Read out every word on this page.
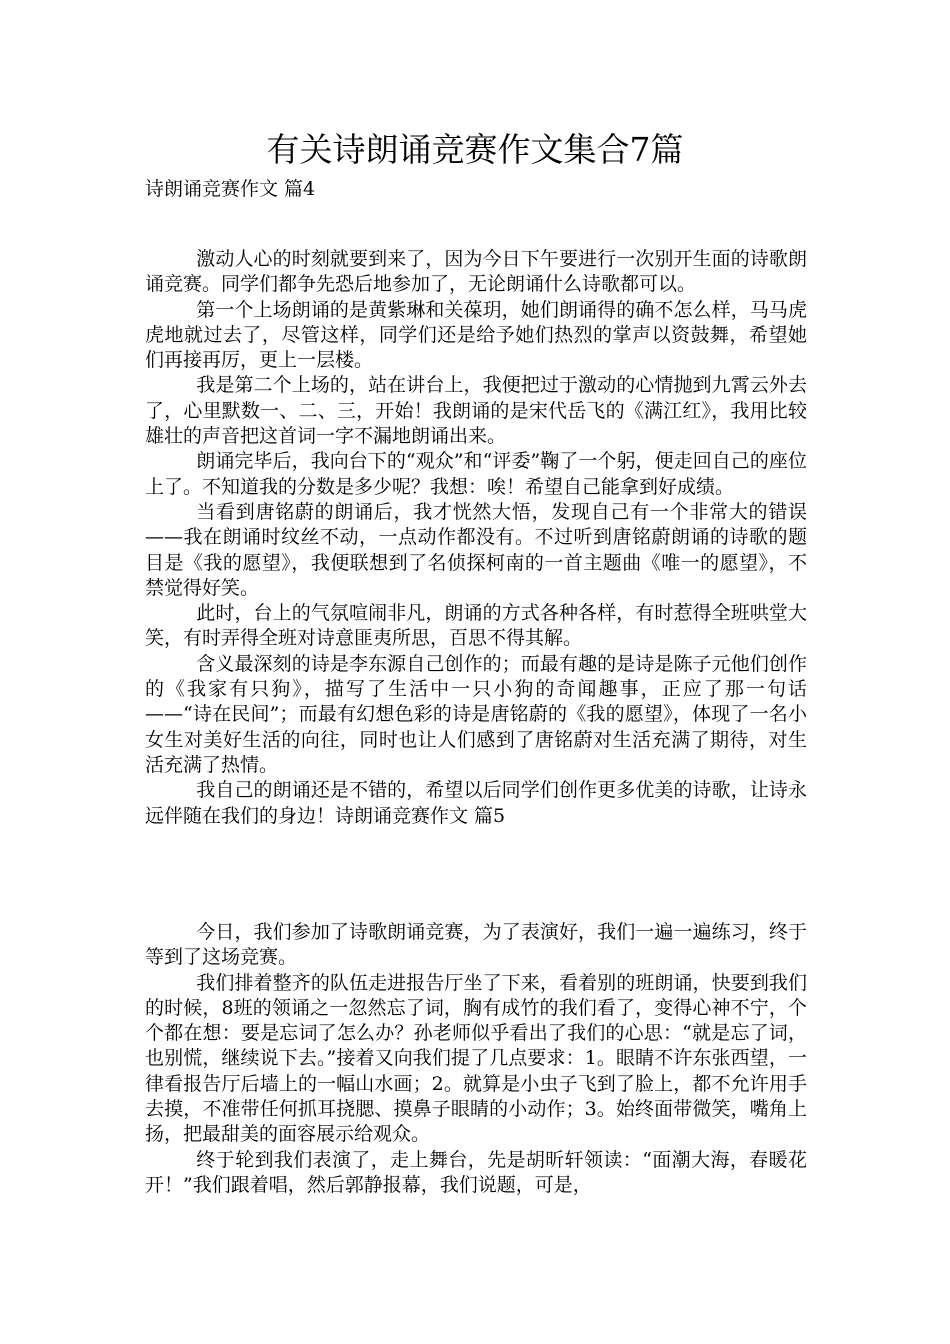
有关诗朗诵竞赛作文集合7篇
诗朗诵竞赛作文 篇4

激动人心的时刻就要到来了，因为今日下午要进行一次别开生面的诗歌朗诵竞赛。同学们都争先恐后地参加了，无论朗诵什么诗歌都可以。

第一个上场朗诵的是黄紫琳和关葆玥，她们朗诵得的确不怎么样，马马虎虎地就过去了，尽管这样，同学们还是给予她们热烈的掌声以资鼓舞，希望她们再接再厉，更上一层楼。

我是第二个上场的，站在讲台上，我便把过于激动的心情抛到九霄云外去了，心里默数一、二、三，开始！我朗诵的是宋代岳飞的《满江红》，我用比较雄壮的声音把这首词一字不漏地朗诵出来。

朗诵完毕后，我向台下的“观众”和“评委”鞠了一个躬，便走回自己的座位上了。不知道我的分数是多少呢？我想：唉！希望自己能拿到好成绩。

当看到唐铭蔚的朗诵后，我才恍然大悟，发现自己有一个非常大的错误——我在朗诵时纹丝不动，一点动作都没有。不过听到唐铭蔚朗诵的诗歌的题目是《我的愿望》，我便联想到了名侦探柯南的一首主题曲《唯一的愿望》，不禁觉得好笑。

此时，台上的气氛喧闹非凡，朗诵的方式各种各样，有时惹得全班哄堂大笑，有时弄得全班对诗意匪夷所思，百思不得其解。

含义最深刻的诗是李东源自己创作的；而最有趣的是诗是陈子元他们创作的《我家有只狗》，描写了生活中一只小狗的奇闻趣事，正应了那一句话——“诗在民间”；而最有幻想色彩的诗是唐铭蔚的《我的愿望》，体现了一名小女生对美好生活的向往，同时也让人们感到了唐铭蔚对生活充满了期待，对生活充满了热情。

我自己的朗诵还是不错的，希望以后同学们创作更多优美的诗歌，让诗永远伴随在我们的身边！诗朗诵竞赛作文 篇5

今日，我们参加了诗歌朗诵竞赛，为了表演好，我们一遍一遍练习，终于等到了这场竞赛。

我们排着整齐的队伍走进报告厅坐了下来，看着别的班朗诵，快要到我们的时候，8班的领诵之一忽然忘了词，胸有成竹的我们看了，变得心神不宁，个个都在想：要是忘词了怎么办？孙老师似乎看出了我们的心思：“就是忘了词，也别慌，继续说下去。”接着又向我们提了几点要求：1。眼睛不许东张西望，一律看报告厅后墙上的一幅山水画；2。就算是小虫子飞到了脸上，都不允许用手去摸，不准带任何抓耳挠腮、摸鼻子眼睛的小动作；3。始终面带微笑，嘴角上扬，把最甜美的面容展示给观众。

终于轮到我们表演了，走上舞台，先是胡昕轩领读：“面潮大海，春暖花开！”我们跟着唱，然后郭静报幕，我们说题，可是，
